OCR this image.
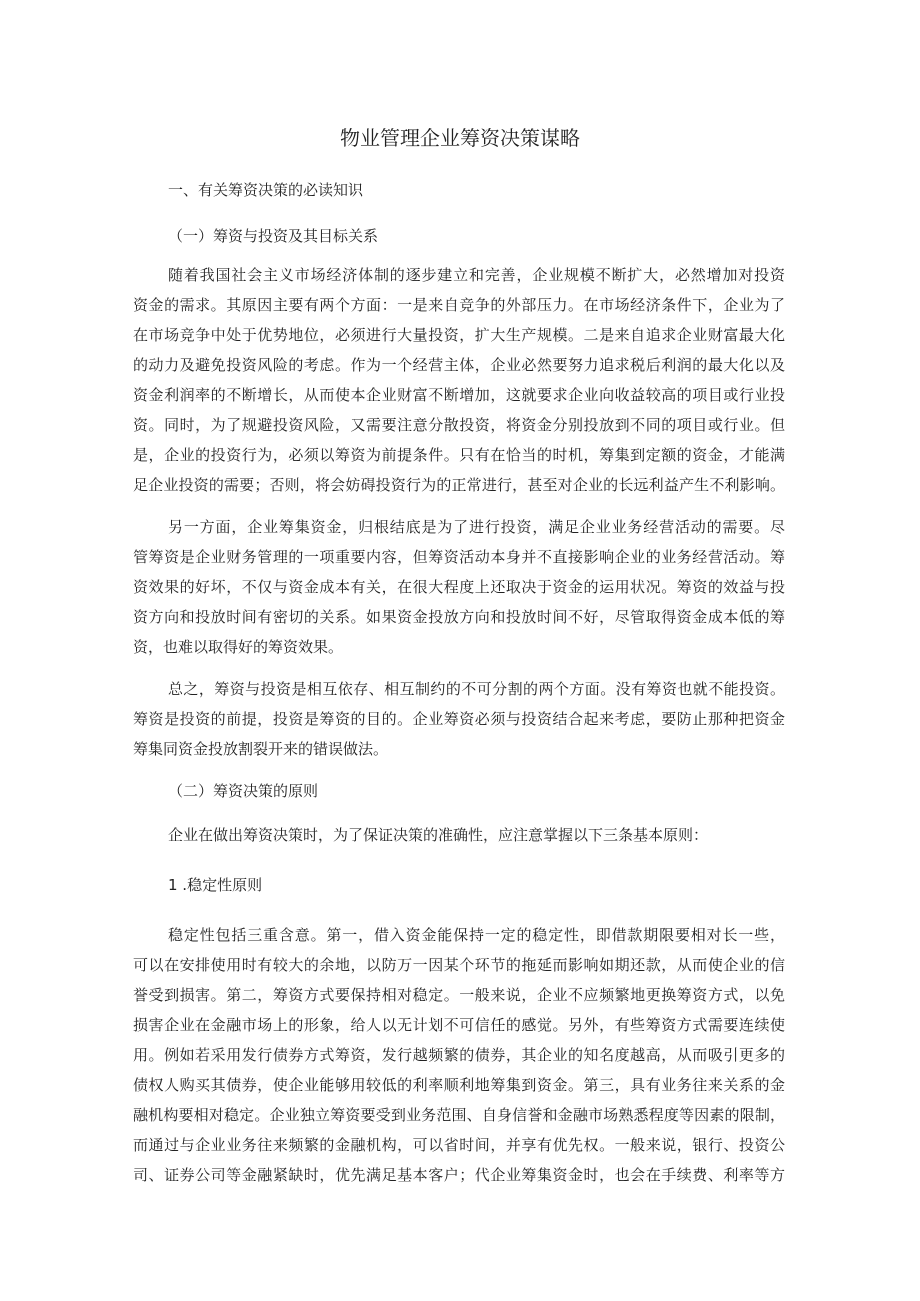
物业管理企业筹资决策谋略
一、有关筹资决策的必读知识
（一）筹资与投资及其目标关系
随着我国社会主义市场经济体制的逐步建立和完善，企业规模不断扩大，必然增加对投资
资金的需求。其原因主要有两个方面：一是来自竞争的外部压力。在市场经济条件下，企业为了
在市场竞争中处于优势地位，必须进行大量投资，扩大生产规模。二是来自追求企业财富最大化
的动力及避免投资风险的考虑。作为一个经营主体，企业必然要努力追求税后利润的最大化以及
资金利润率的不断增长，从而使本企业财富不断增加，这就要求企业向收益较高的项目或行业投
资。同时，为了规避投资风险，又需要注意分散投资，将资金分别投放到不同的项目或行业。但
是，企业的投资行为，必须以筹资为前提条件。只有在恰当的时机，筹集到定额的资金，才能满
足企业投资的需要；否则，将会妨碍投资行为的正常进行，甚至对企业的长远利益产生不利影响。
另一方面，企业筹集资金，归根结底是为了进行投资，满足企业业务经营活动的需要。尽
管筹资是企业财务管理的一项重要内容，但筹资活动本身并不直接影响企业的业务经营活动。筹
资效果的好坏，不仅与资金成本有关，在很大程度上还取决于资金的运用状况。筹资的效益与投
资方向和投放时间有密切的关系。如果资金投放方向和投放时间不好，尽管取得资金成本低的筹
资，也难以取得好的筹资效果。
总之，筹资与投资是相互依存、相互制约的不可分割的两个方面。没有筹资也就不能投资。
筹资是投资的前提，投资是筹资的目的。企业筹资必须与投资结合起来考虑，要防止那种把资金
筹集同资金投放割裂开来的错误做法。
（二）筹资决策的原则
企业在做出筹资决策时，为了保证决策的准确性，应注意掌握以下三条基本原则：
1 .稳定性原则
稳定性包括三重含意。第一，借入资金能保持一定的稳定性，即借款期限要相对长一些，
可以在安排使用时有较大的余地，以防万一因某个环节的拖延而影响如期还款，从而使企业的信
誉受到损害。第二，筹资方式要保持相对稳定。一般来说，企业不应频繁地更换筹资方式，以免
损害企业在金融市场上的形象，给人以无计划不可信任的感觉。另外，有些筹资方式需要连续使
用。例如若采用发行债券方式筹资，发行越频繁的债券，其企业的知名度越高，从而吸引更多的
债权人购买其债券，使企业能够用较低的利率顺利地筹集到资金。第三，具有业务往来关系的金
融机构要相对稳定。企业独立筹资要受到业务范围、自身信誉和金融市场熟悉程度等因素的限制，
而通过与企业业务往来频繁的金融机构，可以省时间，并享有优先权。一般来说，银行、投资公
司、证券公司等金融紧缺时，优先满足基本客户；代企业筹集资金时，也会在手续费、利率等方
